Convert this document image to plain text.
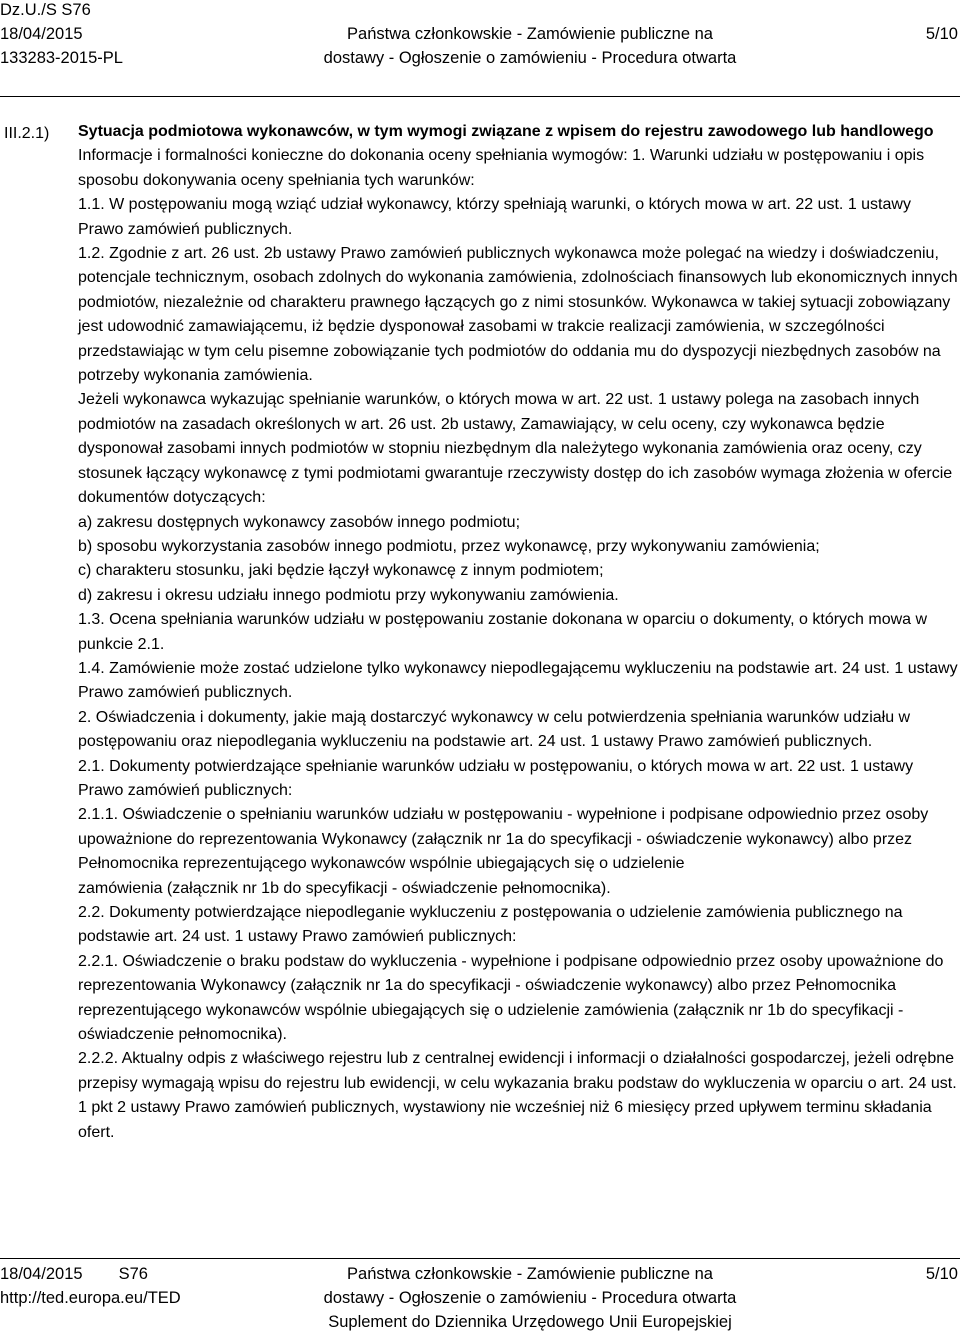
Dz.U./S S76
18/04/2015
133283-2015-PL
Państwa członkowskie - Zamówienie publiczne na
dostawy - Ogłoszenie o zamówieniu - Procedura otwarta
5/10
III.2.1) Sytuacja podmiotowa wykonawców, w tym wymogi związane z wpisem do rejestru zawodowego lub handlowego

Informacje i formalności konieczne do dokonania oceny spełniania wymogów: 1. Warunki udziału w postępowaniu i opis sposobu dokonywania oceny spełniania tych warunków:

1.1. W postępowaniu mogą wziąć udział wykonawcy, którzy spełniają warunki, o których mowa w art. 22 ust. 1 ustawy Prawo zamówień publicznych.

1.2. Zgodnie z art. 26 ust. 2b ustawy Prawo zamówień publicznych wykonawca może polegać na wiedzy i doświadczeniu, potencjale technicznym, osobach zdolnych do wykonania zamówienia, zdolnościach finansowych lub ekonomicznych innych podmiotów, niezależnie od charakteru prawnego łączących go z nimi stosunków. Wykonawca w takiej sytuacji zobowiązany jest udowodnić zamawiającemu, iż będzie dysponował zasobami w trakcie realizacji zamówienia, w szczególności przedstawiając w tym celu pisemne zobowiązanie tych podmiotów do oddania mu do dyspozycji niezbędnych zasobów na potrzeby wykonania zamówienia.

Jeżeli wykonawca wykazując spełnianie warunków, o których mowa w art. 22 ust. 1 ustawy polega na zasobach innych podmiotów na zasadach określonych w art. 26 ust. 2b ustawy, Zamawiający, w celu oceny, czy wykonawca będzie dysponował zasobami innych podmiotów w stopniu niezbędnym dla należytego wykonania zamówienia oraz oceny, czy stosunek łączący wykonawcę z tymi podmiotami gwarantuje rzeczywisty dostęp do ich zasobów wymaga złożenia w ofercie dokumentów dotyczących:

a) zakresu dostępnych wykonawcy zasobów innego podmiotu;

b) sposobu wykorzystania zasobów innego podmiotu, przez wykonawcę, przy wykonywaniu zamówienia;

c) charakteru stosunku, jaki będzie łączył wykonawcę z innym podmiotem;

d) zakresu i okresu udziału innego podmiotu przy wykonywaniu zamówienia.

1.3. Ocena spełniania warunków udziału w postępowaniu zostanie dokonana w oparciu o dokumenty, o których mowa w punkcie 2.1.

1.4. Zamówienie może zostać udzielone tylko wykonawcy niepodlegającemu wykluczeniu na podstawie art. 24 ust. 1 ustawy Prawo zamówień publicznych.

2. Oświadczenia i dokumenty, jakie mają dostarczyć wykonawcy w celu potwierdzenia spełniania warunków udziału w postępowaniu oraz niepodlegania wykluczeniu na podstawie art. 24 ust. 1 ustawy Prawo zamówień publicznych.

2.1. Dokumenty potwierdzające spełnianie warunków udziału w postępowaniu, o których mowa w art. 22 ust. 1 ustawy Prawo zamówień publicznych:

2.1.1. Oświadczenie o spełnianiu warunków udziału w postępowaniu - wypełnione i podpisane odpowiednio przez osoby upoważnione do reprezentowania Wykonawcy (załącznik nr 1a do specyfikacji - oświadczenie wykonawcy) albo przez Pełnomocnika reprezentującego wykonawców wspólnie ubiegających się o udzielenie

zamówienia (załącznik nr 1b do specyfikacji - oświadczenie pełnomocnika).

2.2. Dokumenty potwierdzające niepodleganie wykluczeniu z postępowania o udzielenie zamówienia publicznego na podstawie art. 24 ust. 1 ustawy Prawo zamówień publicznych:

2.2.1. Oświadczenie o braku podstaw do wykluczenia - wypełnione i podpisane odpowiednio przez osoby upoważnione do reprezentowania Wykonawcy (załącznik nr 1a do specyfikacji - oświadczenie wykonawcy) albo przez Pełnomocnika reprezentującego wykonawców wspólnie ubiegających się o udzielenie zamówienia (załącznik nr 1b do specyfikacji - oświadczenie pełnomocnika).

2.2.2. Aktualny odpis z właściwego rejestru lub z centralnej ewidencji i informacji o działalności gospodarczej, jeżeli odrębne przepisy wymagają wpisu do rejestru lub ewidencji, w celu wykazania braku podstaw do wykluczenia w oparciu o art. 24 ust. 1 pkt 2 ustawy Prawo zamówień publicznych, wystawiony nie wcześniej niż 6 miesięcy przed upływem terminu składania ofert.

18/04/2015 S76
http://ted.europa.eu/TED
Państwa członkowskie - Zamówienie publiczne na
dostawy - Ogłoszenie o zamówieniu - Procedura otwarta
Suplement do Dziennika Urzędowego Unii Europejskiej
5/10
